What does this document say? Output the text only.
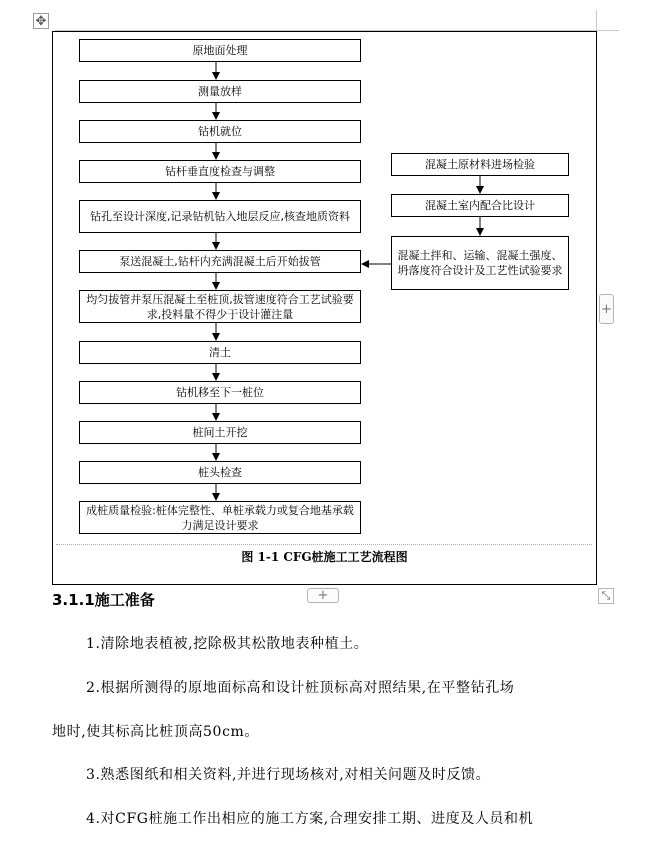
✥
原地面处理
测量放样
钻机就位
钻杆垂直度检查与调整
钻孔至设计深度,记录钻机钻入地层反应,核查地质资料
泵送混凝土,钻杆内充满混凝土后开始拔管
均匀拔管并泵压混凝土至桩顶,拔管速度符合工艺试验要求,投料量不得少于设计灌注量
清土
钻机移至下一桩位
桩间土开挖
桩头检查
成桩质量检验:桩体完整性、单桩承载力或复合地基承载力满足设计要求
混凝土原材料进场检验
混凝土室内配合比设计
混凝土拌和、运输、混凝土强度、坍落度符合设计及工艺性试验要求
图 1-1 CFG桩施工工艺流程图
+
+	⤡
3.1.1施工准备
1.清除地表植被,挖除极其松散地表种植土。
2.根据所测得的原地面标高和设计桩顶标高对照结果,在平整钻孔场
地时,使其标高比桩顶高50cm。
3.熟悉图纸和相关资料,并进行现场核对,对相关问题及时反馈。
4.对CFG桩施工作出相应的施工方案,合理安排工期、进度及人员和机
